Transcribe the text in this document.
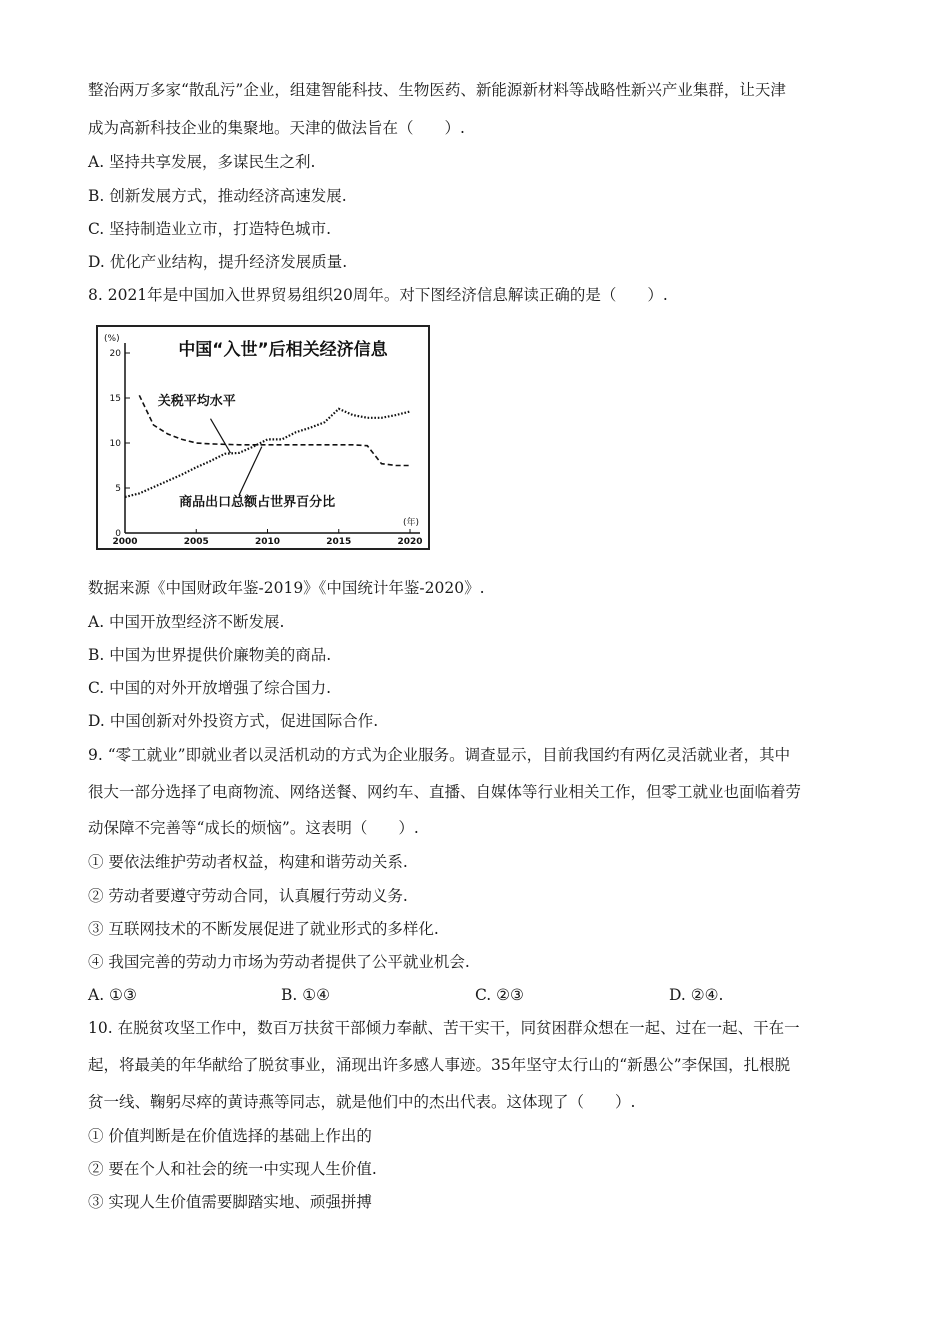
整治两万多家“散乱污”企业，组建智能科技、生物医药、新能源新材料等战略性新兴产业集群，让天津
成为高新科技企业的集聚地。天津的做法旨在（　　）.
A. 坚持共享发展，多谋民生之利.
B. 创新发展方式，推动经济高速发展.
C. 坚持制造业立市，打造特色城市.
D. 优化产业结构，提升经济发展质量.
8. 2021年是中国加入世界贸易组织20周年。对下图经济信息解读正确的是（　　）.
中国“入世”后相关经济信息
(%)
(年)
0
5
10
15
20
2000	2005	2010	2015	2020
关税平均水平
商品出口总额占世界百分比
数据来源《中国财政年鉴-2019》《中国统计年鉴-2020》.
A. 中国开放型经济不断发展.
B. 中国为世界提供价廉物美的商品.
C. 中国的对外开放增强了综合国力.
D. 中国创新对外投资方式，促进国际合作.
9. “零工就业”即就业者以灵活机动的方式为企业服务。调查显示，目前我国约有两亿灵活就业者，其中
很大一部分选择了电商物流、网络送餐、网约车、直播、自媒体等行业相关工作，但零工就业也面临着劳
动保障不完善等“成长的烦恼”。这表明（　　）.
① 要依法维护劳动者权益，构建和谐劳动关系.
② 劳动者要遵守劳动合同，认真履行劳动义务.
③ 互联网技术的不断发展促进了就业形式的多样化.
④ 我国完善的劳动力市场为劳动者提供了公平就业机会.
A. ①③	B. ①④	C. ②③	D. ②④.
10. 在脱贫攻坚工作中，数百万扶贫干部倾力奉献、苦干实干，同贫困群众想在一起、过在一起、干在一
起，将最美的年华献给了脱贫事业，涌现出许多感人事迹。35年坚守太行山的“新愚公”李保国，扎根脱
贫一线、鞠躬尽瘁的黄诗燕等同志，就是他们中的杰出代表。这体现了（　　）.
① 价值判断是在价值选择的基础上作出的
② 要在个人和社会的统一中实现人生价值.
③ 实现人生价值需要脚踏实地、顽强拼搏
